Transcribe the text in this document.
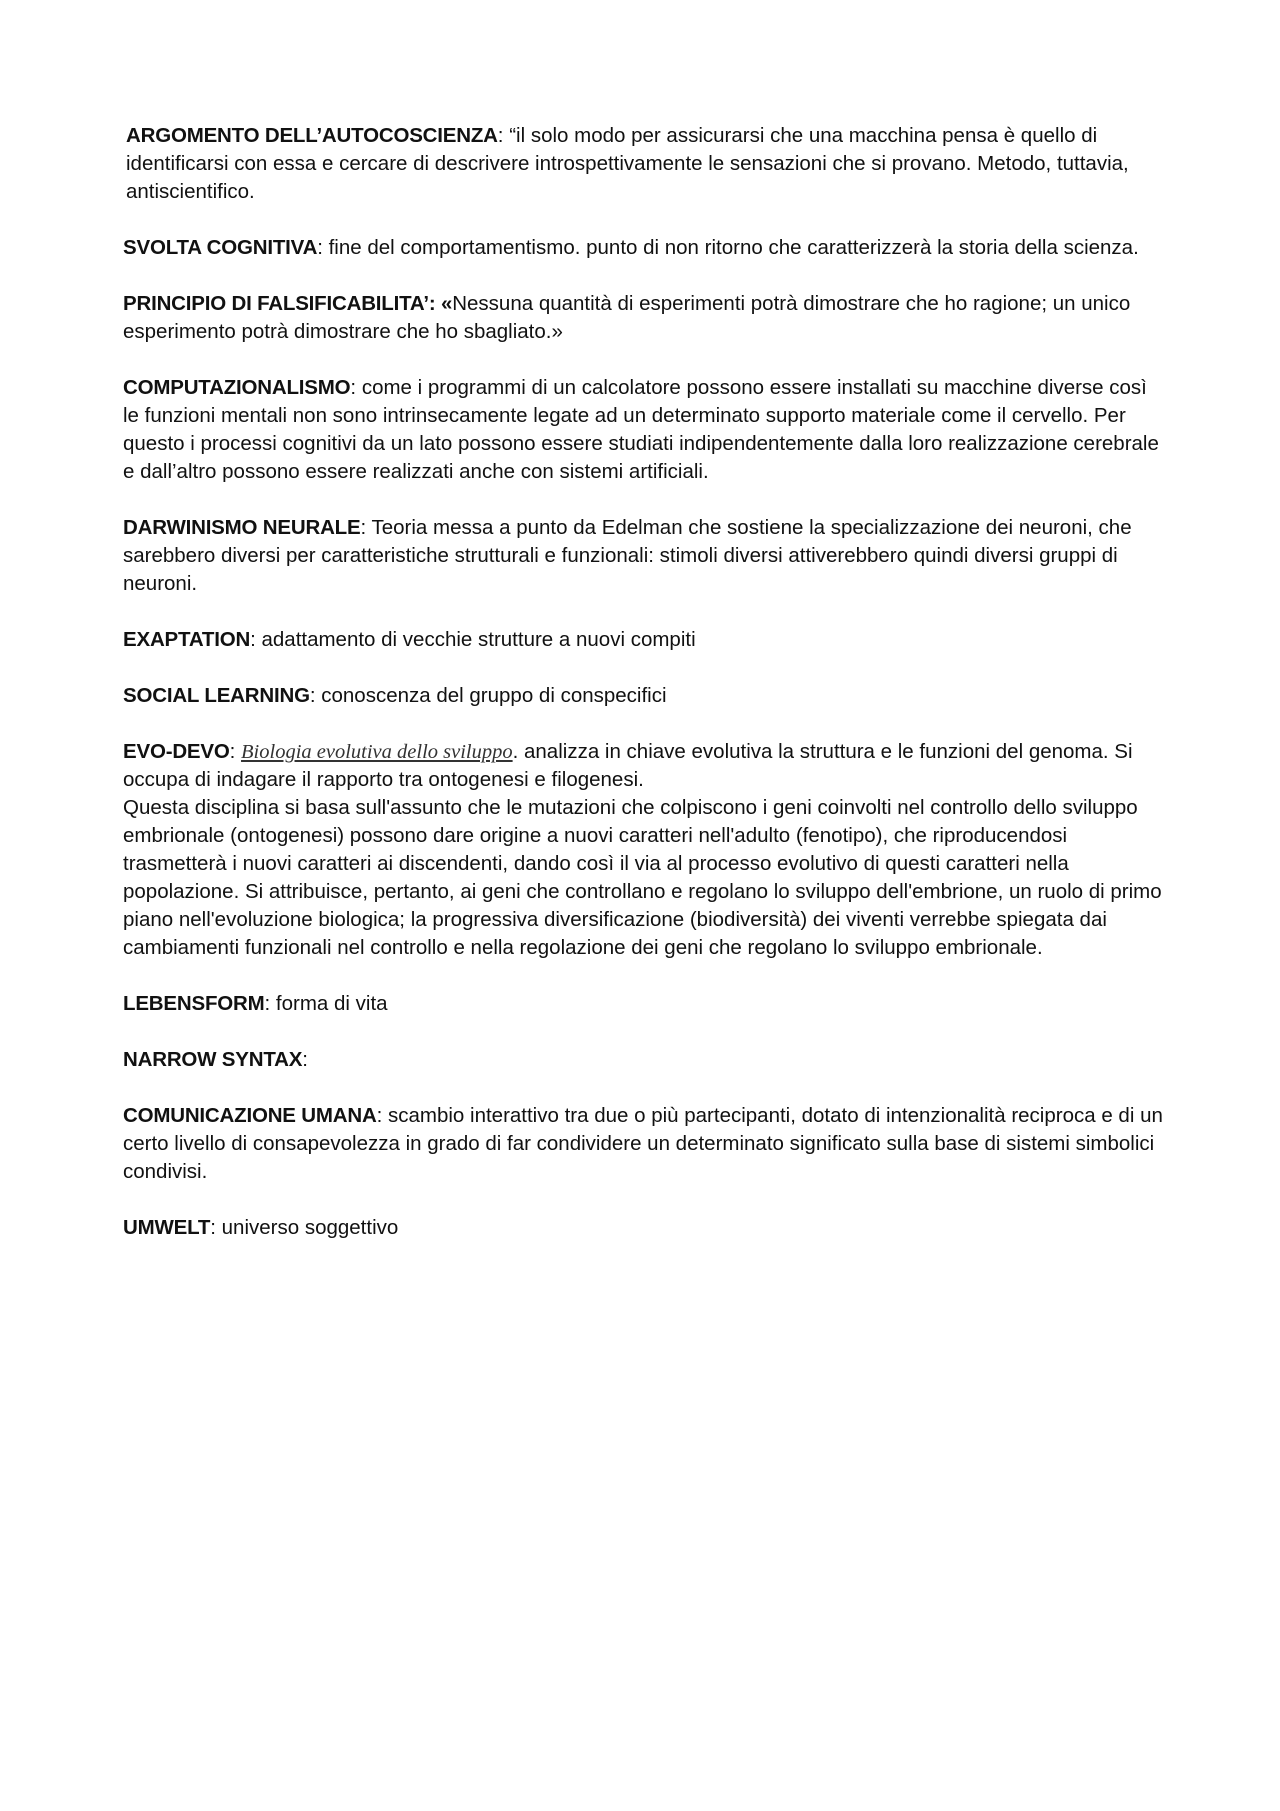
ARGOMENTO DELL’AUTOCOSCIENZA: “il solo modo per assicurarsi che una macchina pensa è quello di identificarsi con essa e cercare di descrivere introspettivamente le sensazioni che si provano. Metodo, tuttavia, antiscientifico.

SVOLTA COGNITIVA: fine del comportamentismo. punto di non ritorno che caratterizzerà la storia della scienza.

PRINCIPIO DI FALSIFICABILITA’: «Nessuna quantità di esperimenti potrà dimostrare che ho ragione; un unico esperimento potrà dimostrare che ho sbagliato.»

COMPUTAZIONALISMO: come i programmi di un calcolatore possono essere installati su macchine diverse così le funzioni mentali non sono intrinsecamente legate ad un determinato supporto materiale come il cervello. Per questo i processi cognitivi da un lato possono essere studiati indipendentemente dalla loro realizzazione cerebrale e dall’altro possono essere realizzati anche con sistemi artificiali.

DARWINISMO NEURALE: Teoria messa a punto da Edelman che sostiene la specializzazione dei neuroni, che sarebbero diversi per caratteristiche strutturali e funzionali: stimoli diversi attiverebbero quindi diversi gruppi di neuroni.

EXAPTATION: adattamento di vecchie strutture a nuovi compiti

SOCIAL LEARNING: conoscenza del gruppo di conspecifici

EVO-DEVO: Biologia evolutiva dello sviluppo. analizza in chiave evolutiva la struttura e le funzioni del genoma. Si occupa di indagare il rapporto tra ontogenesi e filogenesi.

Questa disciplina si basa sull'assunto che le mutazioni che colpiscono i geni coinvolti nel controllo dello sviluppo embrionale (ontogenesi) possono dare origine a nuovi caratteri nell'adulto (fenotipo), che riproducendosi trasmetterà i nuovi caratteri ai discendenti, dando così il via al processo evolutivo di questi caratteri nella popolazione. Si attribuisce, pertanto, ai geni che controllano e regolano lo sviluppo dell'embrione, un ruolo di primo piano nell'evoluzione biologica; la progressiva diversificazione (biodiversità) dei viventi verrebbe spiegata dai cambiamenti funzionali nel controllo e nella regolazione dei geni che regolano lo sviluppo embrionale.

LEBENSFORM: forma di vita

NARROW SYNTAX:

COMUNICAZIONE UMANA: scambio interattivo tra due o più partecipanti, dotato di intenzionalità reciproca e di un certo livello di consapevolezza in grado di far condividere un determinato significato sulla base di sistemi simbolici condivisi.

UMWELT: universo soggettivo
